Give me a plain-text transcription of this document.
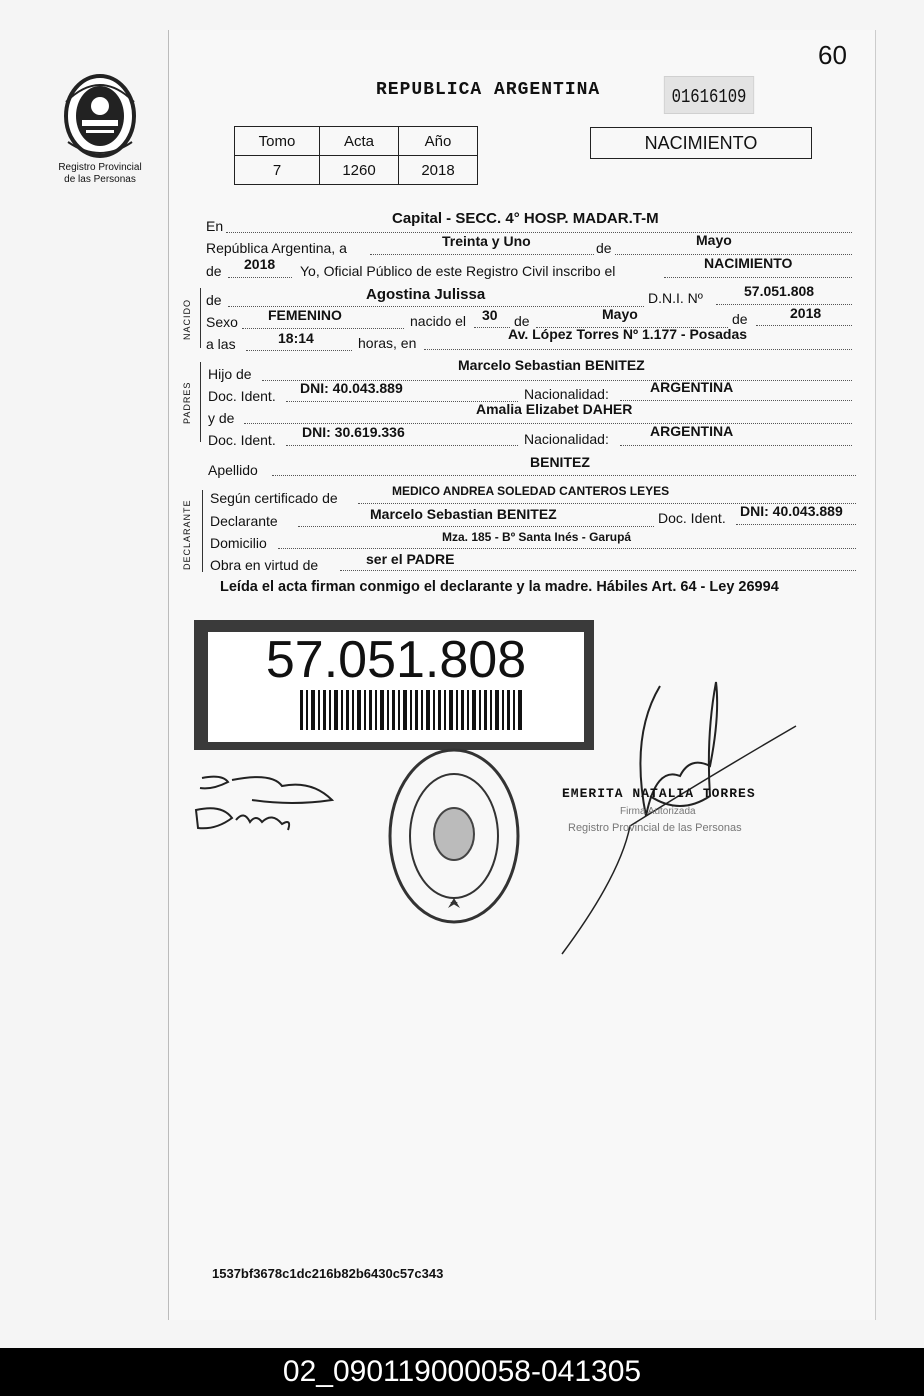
60
Registro Provincial
de las Personas
REPUBLICA ARGENTINA	01616109
Tomo	Acta	Año
7	1260	2018
NACIMIENTO
En	Capital - SECC. 4° HOSP. MADAR.T-M
República Argentina, a	Treinta y Uno	de	Mayo
de 2018 Yo, Oficial Público de este Registro Civil inscribo el	NACIMIENTO
NACIDO de	Agostina Julissa	D.N.I. Nº	57.051.808
Sexo FEMENINO	nacido el 30 de	Mayo	de	2018
a las	18:14	horas, en
Av. López Torres Nº 1.177 - Posadas
PADRES
Hijo de
Marcelo Sebastian BENITEZ
Doc. Ident. DNI: 40.043.889	Nacionalidad:	ARGENTINA
y de
Amalia Elizabet DAHER
Doc. Ident. DNI: 30.619.336	Nacionalidad:	ARGENTINA
Apellido	BENITEZ
DECLARANTE
Según certificado de	MEDICO ANDREA SOLEDAD CANTEROS LEYES
Declarante	Marcelo Sebastian BENITEZ	Doc. Ident. DNI: 40.043.889
Domicilio	Mza. 185 - Bº Santa Inés - Garupá
Obra en virtud de	ser el PADRE
Leída el acta firman conmigo el declarante y la madre. Hábiles Art. 64 - Ley 26994
57.051.808
EMERITA NATALIA TORRES
Firma Autorizada
Registro Provincial de las Personas
1537bf3678c1dc216b82b6430c57c343
02_090119000058-041305
